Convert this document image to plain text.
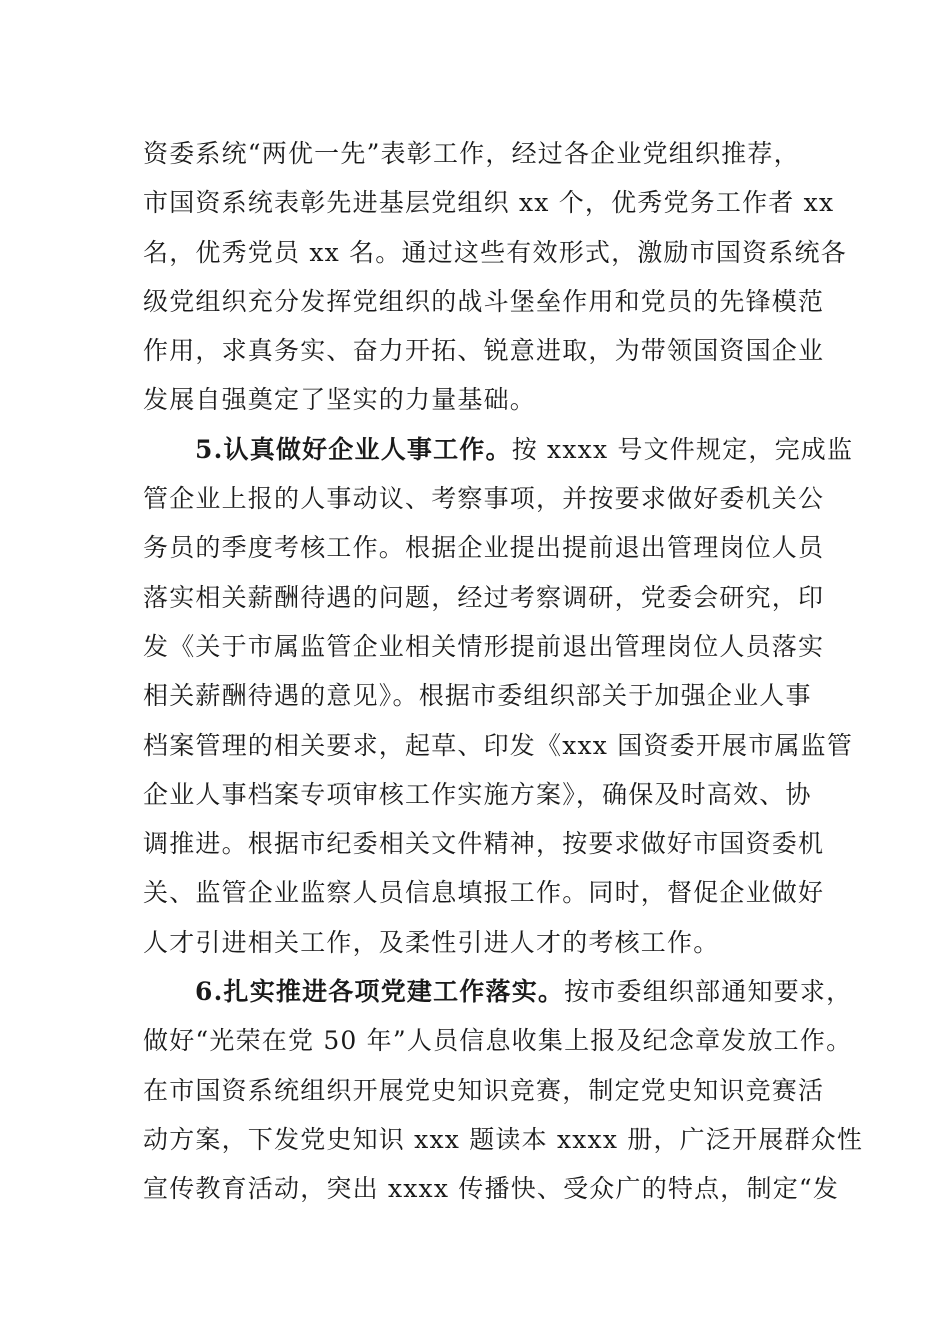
资委系统“两优一先”表彰工作，经过各企业党组织推荐，
市国资系统表彰先进基层党组织 xx 个，优秀党务工作者 xx
名，优秀党员 xx 名。通过这些有效形式，激励市国资系统各
级党组织充分发挥党组织的战斗堡垒作用和党员的先锋模范
作用，求真务实、奋力开拓、锐意进取，为带领国资国企业
发展自强奠定了坚实的力量基础。
5.认真做好企业人事工作。按 xxxx 号文件规定，完成监
管企业上报的人事动议、考察事项，并按要求做好委机关公
务员的季度考核工作。根据企业提出提前退出管理岗位人员
落实相关薪酬待遇的问题，经过考察调研，党委会研究，印
发《关于市属监管企业相关情形提前退出管理岗位人员落实
相关薪酬待遇的意见》。根据市委组织部关于加强企业人事
档案管理的相关要求，起草、印发《xxx 国资委开展市属监管
企业人事档案专项审核工作实施方案》，确保及时高效、协
调推进。根据市纪委相关文件精神，按要求做好市国资委机
关、监管企业监察人员信息填报工作。同时，督促企业做好
人才引进相关工作，及柔性引进人才的考核工作。
6.扎实推进各项党建工作落实。按市委组织部通知要求，
做好“光荣在党 50 年”人员信息收集上报及纪念章发放工作。
在市国资系统组织开展党史知识竞赛，制定党史知识竞赛活
动方案，下发党史知识 xxx 题读本 xxxx 册，广泛开展群众性
宣传教育活动，突出 xxxx 传播快、受众广的特点，制定“发
